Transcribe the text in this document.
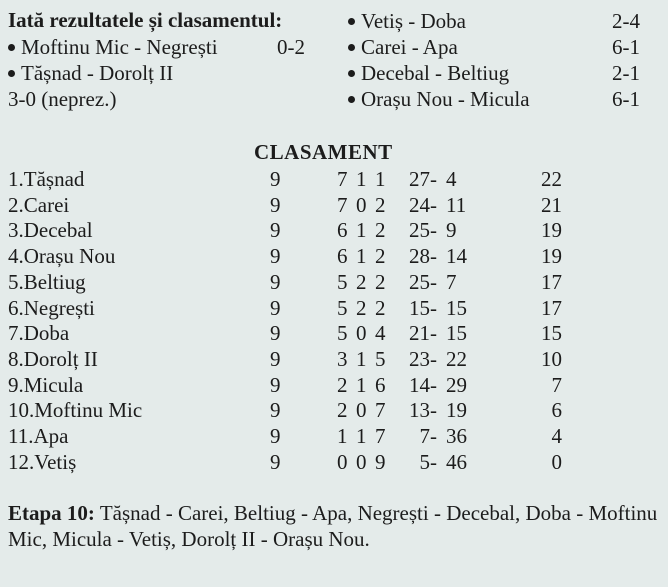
Iată rezultatele și clasamentul:
Moftinu Mic - Negrești	0-2
Tășnad - Dorolț II
3-0 (neprez.)
Vetiș - Doba	2-4
Carei - Apa	6-1
Decebal - Beltiug	2-1
Orașu Nou - Micula	6-1
CLASAMENT
1.Tășnad	9	7 1 1 27- 4	22
2.Carei	9	7 0 2 24- 11	21
3.Decebal	9	6 1 2 25- 9	19
4.Orașu Nou	9	6 1 2 28- 14	19
5.Beltiug	9	5 2 2 25- 7	17
6.Negrești	9	5 2 2 15- 15	17
7.Doba	9	5 0 4 21- 15	15
8.Dorolț II	9	3 1 5 23- 22	10
9.Micula	9	2 1 6 14- 29	7
10.Moftinu Mic	9	2 0 7 13- 19	6
11.Apa	9	1 1 7	7- 36	4
12.Vetiș	9	0 0 9	5- 46	0
Etapa 10: Tășnad - Carei, Beltiug - Apa, Negrești - Decebal, Doba - Moftinu Mic, Micula - Vetiș, Dorolț II - Orașu Nou.
